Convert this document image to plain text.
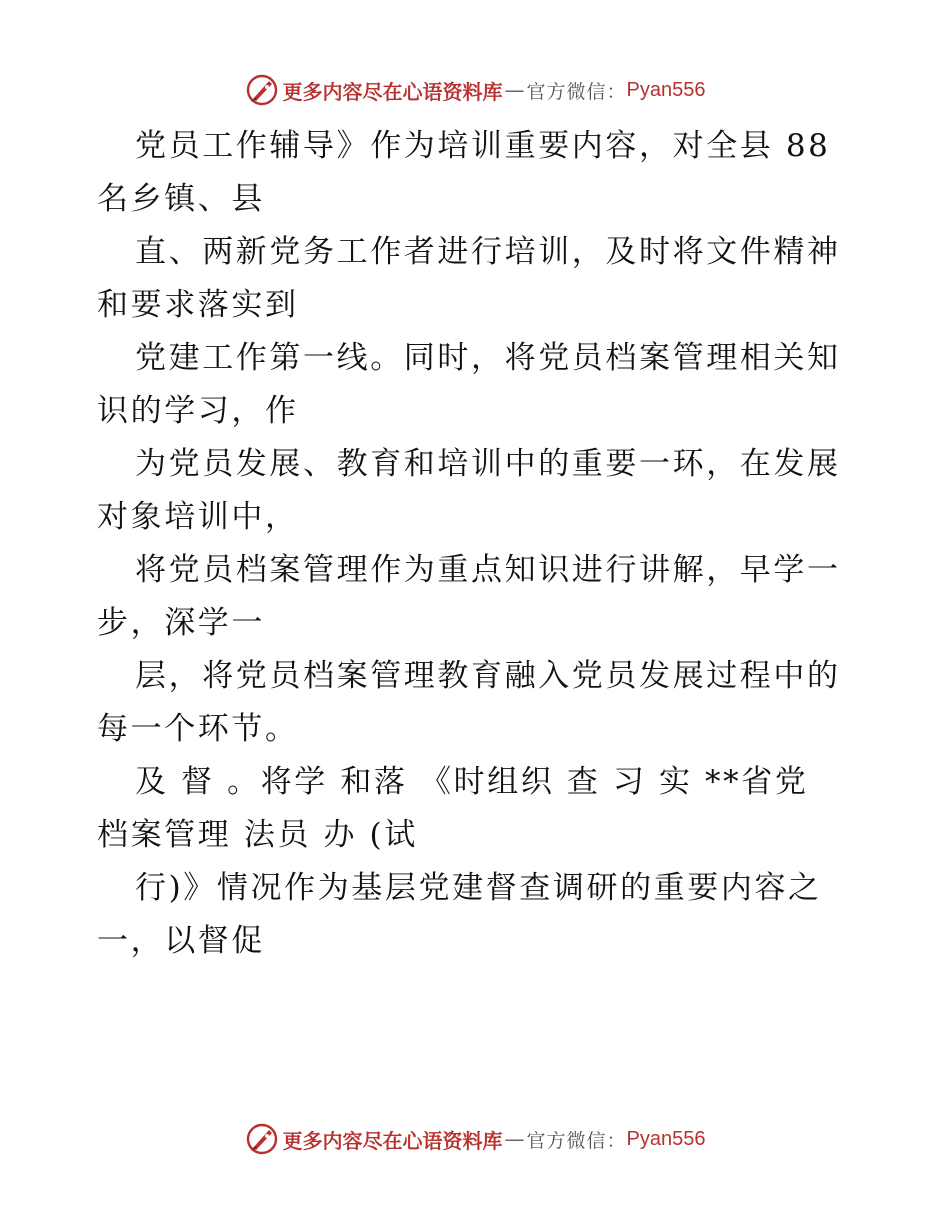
更多内容尽在心语资料库 — 官方微信： Pyan556

党员工作辅导》作为培训重要内容，对全县 88
名乡镇、县

直、两新党务工作者进行培训，及时将文件精神
和要求落实到

党建工作第一线。同时，将党员档案管理相关知
识的学习，作

为党员发展、教育和培训中的重要一环，在发展
对象培训中，

将党员档案管理作为重点知识进行讲解，早学一
步，深学一

层，将党员档案管理教育融入党员发展过程中的
每一个环节。

及 督 。将学 和落 《时组织 查 习 实 **省党
档案管理 法员 办 (试

行)》情况作为基层党建督查调研的重要内容之
一，以督促

更多内容尽在心语资料库 — 官方微信： Pyan556
